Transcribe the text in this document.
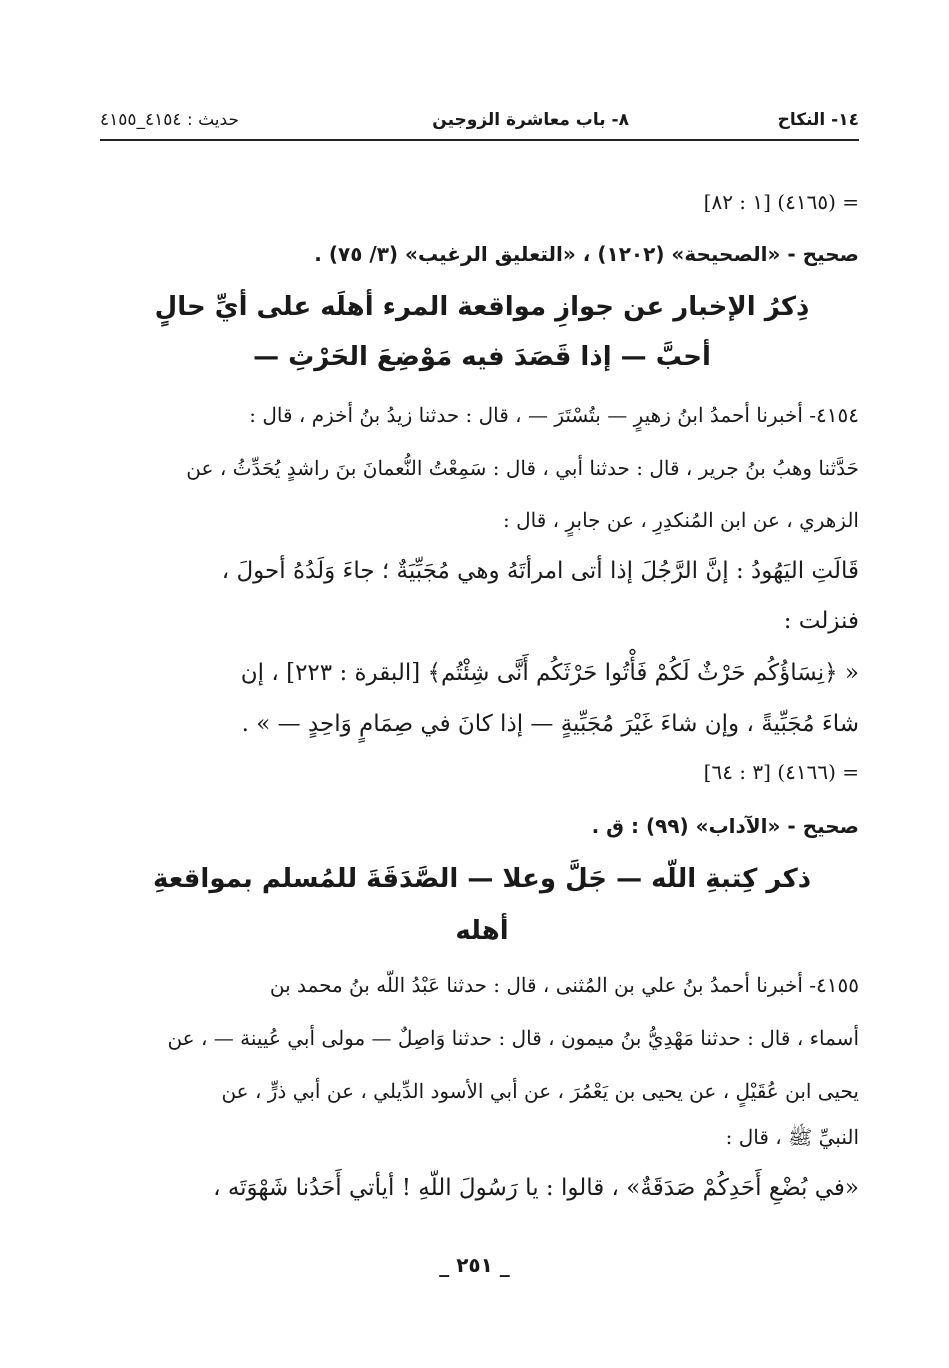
١٤- النكاح
٨- باب معاشرة الزوجين
حديث : ٤١٥٤_٤١٥٥
= (٤١٦٥) [١ : ٨٢]
صحيح - «الصحيحة» (١٢٠٢) ، «التعليق الرغيب» (٣/ ٧٥) .
ذِكرُ الإخبار عن جوازِ مواقعة المرء أهلَه على أيِّ حالٍ
أحبَّ — إذا قَصَدَ فيه مَوْضِعَ الحَرْثِ —
٤١٥٤- أخبرنا أحمدُ ابنُ زهيرٍ — بتُسْتَرَ — ، قال : حدثنا زيدُ بنُ أخزم ، قال :
حَدَّثنا وهبُ بنُ جرير ، قال : حدثنا أبي ، قال : سَمِعْتُ النُّعمانَ بنَ راشدٍ يُحَدِّثُ ، عن
الزهري ، عن ابن المُنكدِرِ ، عن جابرٍ ، قال :
قَالَتِ اليَهُودُ : إنَّ الرَّجُلَ إذا أتى امرأتَهُ وهي مُجَبِّيَةٌ ؛ جاءَ وَلَدُهُ أحولَ ،
فنزلت :
« ﴿نِسَاؤُكُم حَرْثٌ لَكُمْ فَأْتُوا حَرْثَكُم أَنَّى شِئْتُم﴾ [البقرة : ٢٢٣] ، إن
شاءَ مُجَبِّيةً ، وإن شاءَ غَيْرَ مُجَبِّيةٍ — إذا كانَ في صِمَامٍ وَاحِدٍ — » .
= (٤١٦٦) [٣ : ٦٤]
صحيح - «الآداب» (٩٩) : ق .
ذكر كِتبةِ اللّه — جَلَّ وعلا — الصَّدَقَةَ للمُسلم بمواقعةِ
أهله
٤١٥٥- أخبرنا أحمدُ بنُ علي بن المُثنى ، قال : حدثنا عَبْدُ اللّه بنُ محمد بن
أسماء ، قال : حدثنا مَهْدِيُّ بنُ ميمون ، قال : حدثنا وَاصِلٌ — مولى أبي عُيينة — ، عن
يحيى ابن عُقَيْلٍ ، عن يحيى بن يَعْمُرَ ، عن أبي الأسود الدِّيلي ، عن أبي ذرٍّ ، عن
النبيِّ ﷺ ، قال :
«في بُضْعِ أَحَدِكُمْ صَدَقَةٌ» ، قالوا : يا رَسُولَ اللّهِ ! أيأتي أَحَدُنا شَهْوَتَه ،
_ ٢٥١ _
